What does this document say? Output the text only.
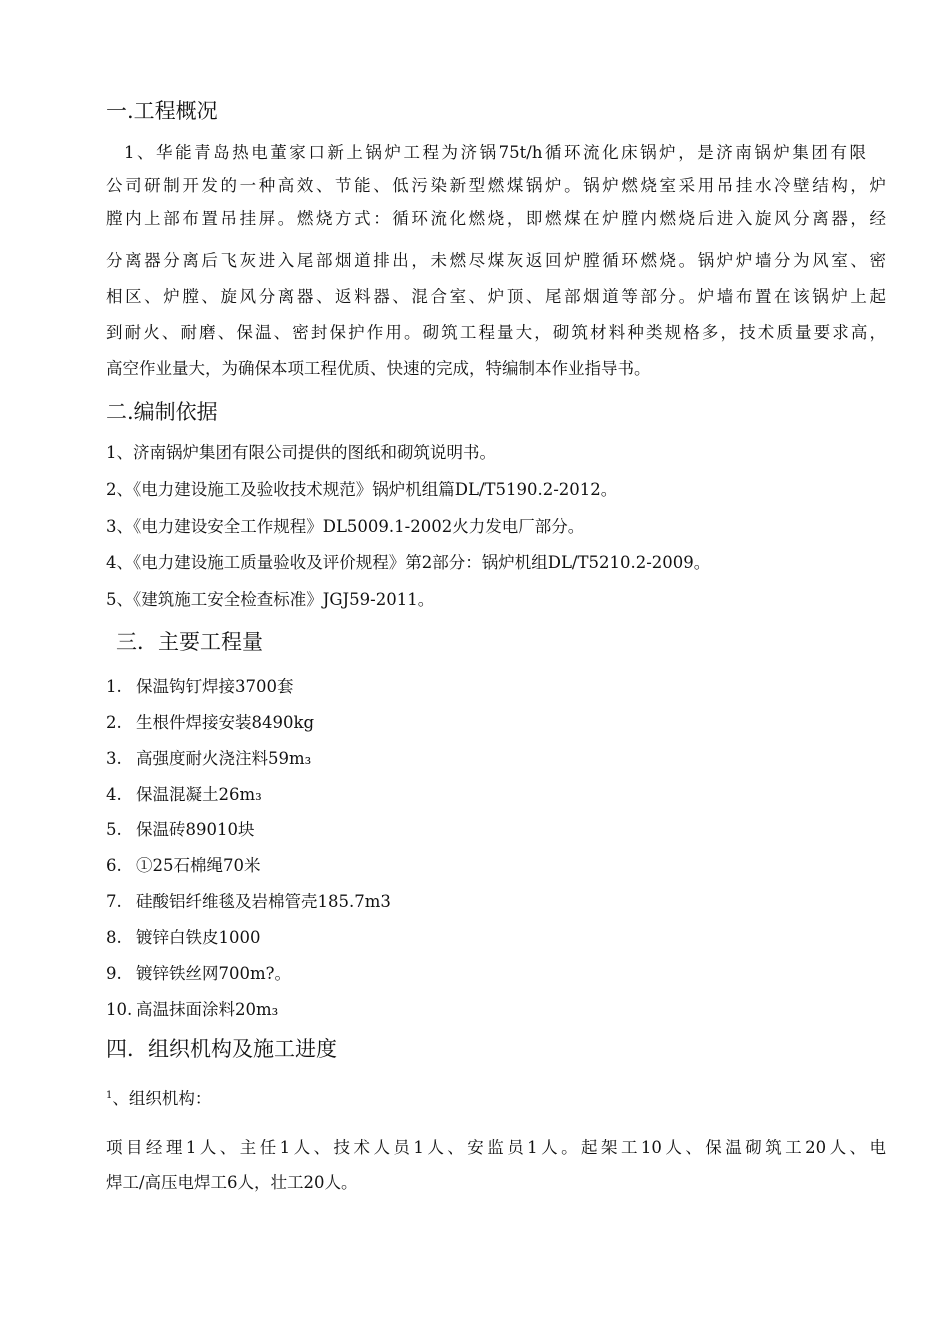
一.工程概况
1、华能青岛热电董家口新上锅炉工程为济锅75t/h循环流化床锅炉，是济南锅炉集团有限
公司研制开发的一种高效、节能、低污染新型燃煤锅炉。锅炉燃烧室采用吊挂水冷壁结构，炉
膛内上部布置吊挂屏。燃烧方式：循环流化燃烧，即燃煤在炉膛内燃烧后进入旋风分离器，经
分离器分离后飞灰进入尾部烟道排出，未燃尽煤灰返回炉膛循环燃烧。锅炉炉墙分为风室、密
相区、炉膛、旋风分离器、返料器、混合室、炉顶、尾部烟道等部分。炉墙布置在该锅炉上起
到耐火、耐磨、保温、密封保护作用。砌筑工程量大，砌筑材料种类规格多，技术质量要求高，
高空作业量大，为确保本项工程优质、快速的完成，特编制本作业指导书。
二.编制依据
1、济南锅炉集团有限公司提供的图纸和砌筑说明书。
2、《电力建设施工及验收技术规范》锅炉机组篇DL/T5190.2-2012。
3、《电力建设安全工作规程》DL5009.1-2002火力发电厂部分。
4、《电力建设施工质量验收及评价规程》第2部分：锅炉机组DL/T5210.2-2009。
5、《建筑施工安全检查标准》JGJ59-2011。
三．主要工程量
1. 保温钩钉焊接3700套
2. 生根件焊接安装8490kg
3. 高强度耐火浇注料59m₃
4. 保温混凝土26m₃
5. 保温砖89010块
6. ①25石棉绳70米
7. 硅酸铝纤维毯及岩棉管壳185.7m3
8. 镀锌白铁皮1000
9. 镀锌铁丝网700m?。
10. 高温抹面涂料20m₃
四．组织机构及施工进度
$^1$、组织机构：
项目经理1人、主任1人、技术人员1人、安监员1人。起架工10人、保温砌筑工20人、电
焊工/高压电焊工6人，壮工20人。
